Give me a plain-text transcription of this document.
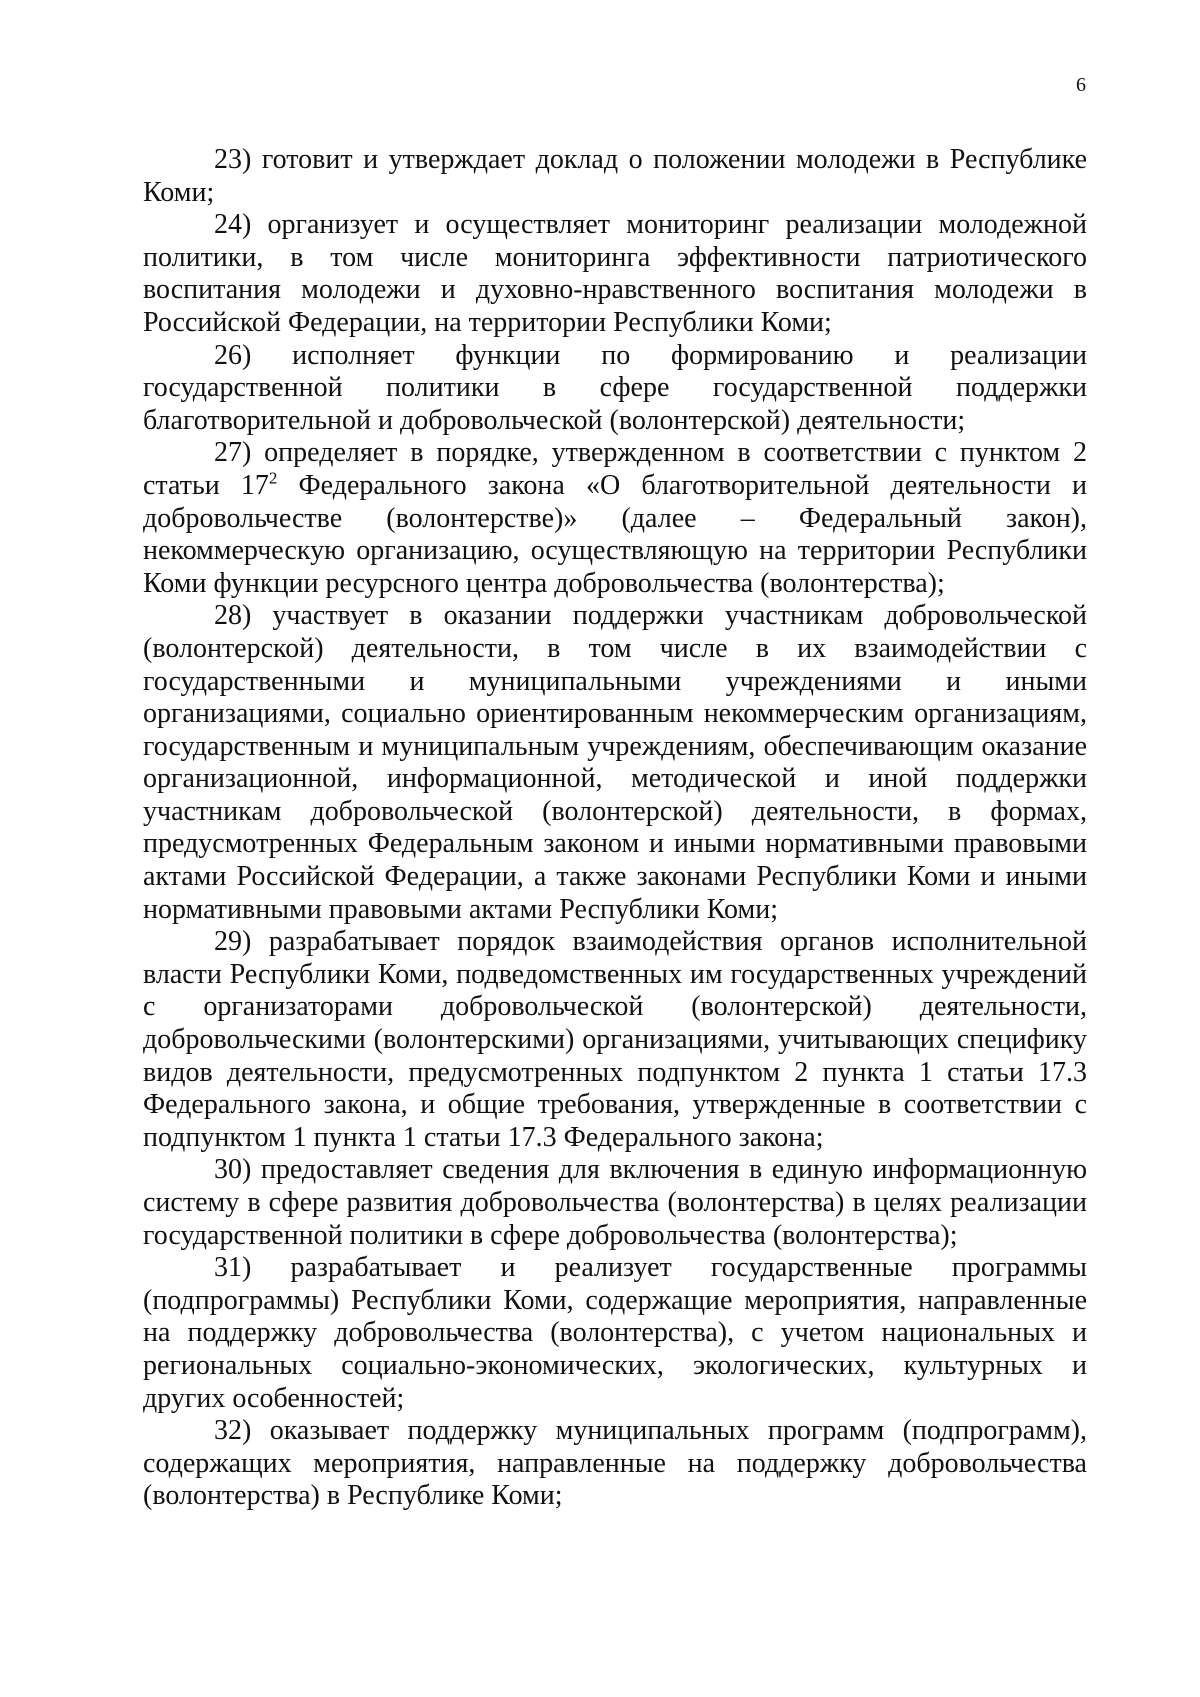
6

23) готовит и утверждает доклад о положении молодежи в Республике Коми;

24) организует и осуществляет мониторинг реализации молодежной политики, в том числе мониторинга эффективности патриотического воспитания молодежи и духовно-нравственного воспитания молодежи в Российской Федерации, на территории Республики Коми;

26) исполняет функции по формированию и реализации государственной политики в сфере государственной поддержки благотворительной и добровольческой (волонтерской) деятельности;

27) определяет в порядке, утвержденном в соответствии с пунктом 2 статьи $17^2$ Федерального закона «О благотворительной деятельности и добровольчестве (волонтерстве)» (далее – Федеральный закон), некоммерческую организацию, осуществляющую на территории Республики Коми функции ресурсного центра добровольчества (волонтерства);

28) участвует в оказании поддержки участникам добровольческой (волонтерской) деятельности, в том числе в их взаимодействии с государственными и муниципальными учреждениями и иными организациями, социально ориентированным некоммерческим организациям, государственным и муниципальным учреждениям, обеспечивающим оказание организационной, информационной, методической и иной поддержки участникам добровольческой (волонтерской) деятельности, в формах, предусмотренных Федеральным законом и иными нормативными правовыми актами Российской Федерации, а также законами Республики Коми и иными нормативными правовыми актами Республики Коми;

29) разрабатывает порядок взаимодействия органов исполнительной власти Республики Коми, подведомственных им государственных учреждений с организаторами добровольческой (волонтерской) деятельности, добровольческими (волонтерскими) организациями, учитывающих специфику видов деятельности, предусмотренных подпунктом 2 пункта 1 статьи 17.3 Федерального закона, и общие требования, утвержденные в соответствии с подпунктом 1 пункта 1 статьи 17.3 Федерального закона;

30) предоставляет сведения для включения в единую информационную систему в сфере развития добровольчества (волонтерства) в целях реализации государственной политики в сфере добровольчества (волонтерства);

31) разрабатывает и реализует государственные программы (подпрограммы) Республики Коми, содержащие мероприятия, направленные на поддержку добровольчества (волонтерства), с учетом национальных и региональных социально-экономических, экологических, культурных и других особенностей;

32) оказывает поддержку муниципальных программ (подпрограмм), содержащих мероприятия, направленные на поддержку добровольчества (волонтерства) в Республике Коми;
